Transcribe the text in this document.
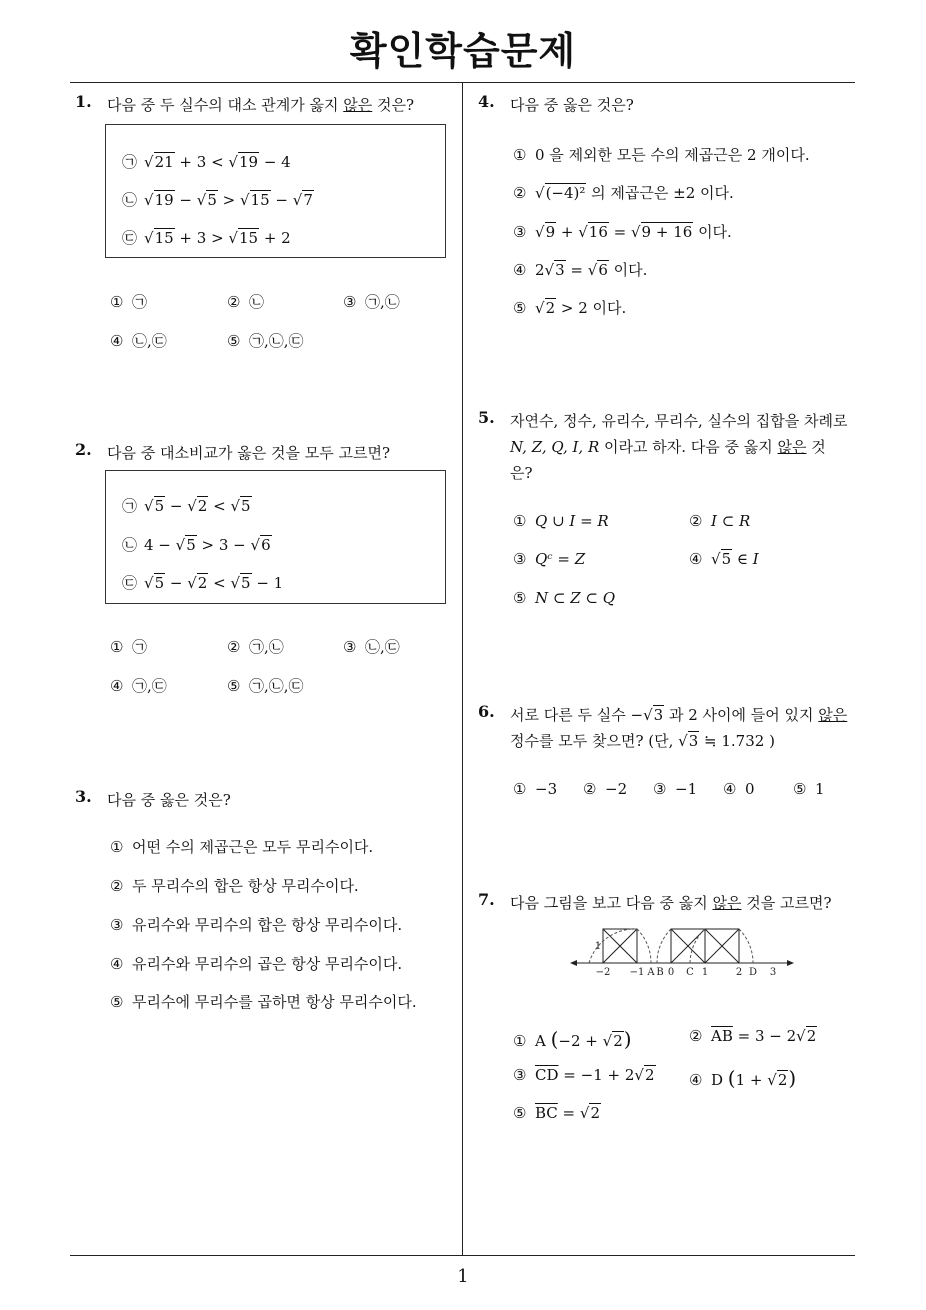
확인학습문제
1
1. 다음 중 두 실수의 대소 관계가 옳지 않은 것은?
㉠ √21 + 3 < √19 − 4
㉡ √19 − √5 > √15 − √7
㉢ √15 + 3 > √15 + 2
① ㉠	② ㉡	③ ㉠,㉡
④ ㉡,㉢	⑤ ㉠,㉡,㉢
2. 다음 중 대소비교가 옳은 것을 모두 고르면?
㉠ √5 − √2 < √5
㉡ 4 − √5 > 3 − √6
㉢ √5 − √2 < √5 − 1
① ㉠	② ㉠,㉡	③ ㉡,㉢
④ ㉠,㉢	⑤ ㉠,㉡,㉢
3. 다음 중 옳은 것은?
① 어떤 수의 제곱근은 모두 무리수이다.
② 두 무리수의 합은 항상 무리수이다.
③ 유리수와 무리수의 합은 항상 무리수이다.
④ 유리수와 무리수의 곱은 항상 무리수이다.
⑤ 무리수에 무리수를 곱하면 항상 무리수이다.
4. 다음 중 옳은 것은?
① 0 을 제외한 모든 수의 제곱근은 2 개이다.
② √(−4)² 의 제곱근은 ±2 이다.
③ √9 + √16 = √9 + 16 이다.
④ 2√3 = √6 이다.
⑤ √2 > 2 이다.
5. 자연수, 정수, 유리수, 무리수, 실수의 집합을 차례로
N, Z, Q, I, R 이라고 하자. 다음 중 옳지 않은 것
은?
① Q ∪ I = R	② I ⊂ R
③ Qᶜ = Z	④ √5 ∈ I
⑤ N ⊂ Z ⊂ Q
6. 서로 다른 두 실수 −√3 과 2 사이에 들어 있지 않은
정수를 모두 찾으면? (단, √3 ≒ 1.732 )
① −3 ② −2 ③ −1 ④ 0	⑤ 1
7. 다음 그림을 보고 다음 중 옳지 않은 것을 고르면?
−2 −1 A B 0 C 1	2 D 3
1
① A (−2 + √2)	② $\overline{AB} = 3 - 2√2$
③ $\overline{CD} = -1 + 2√2$ ④ D (1 + √2)
⑤ $\overline{BC} = √2$
